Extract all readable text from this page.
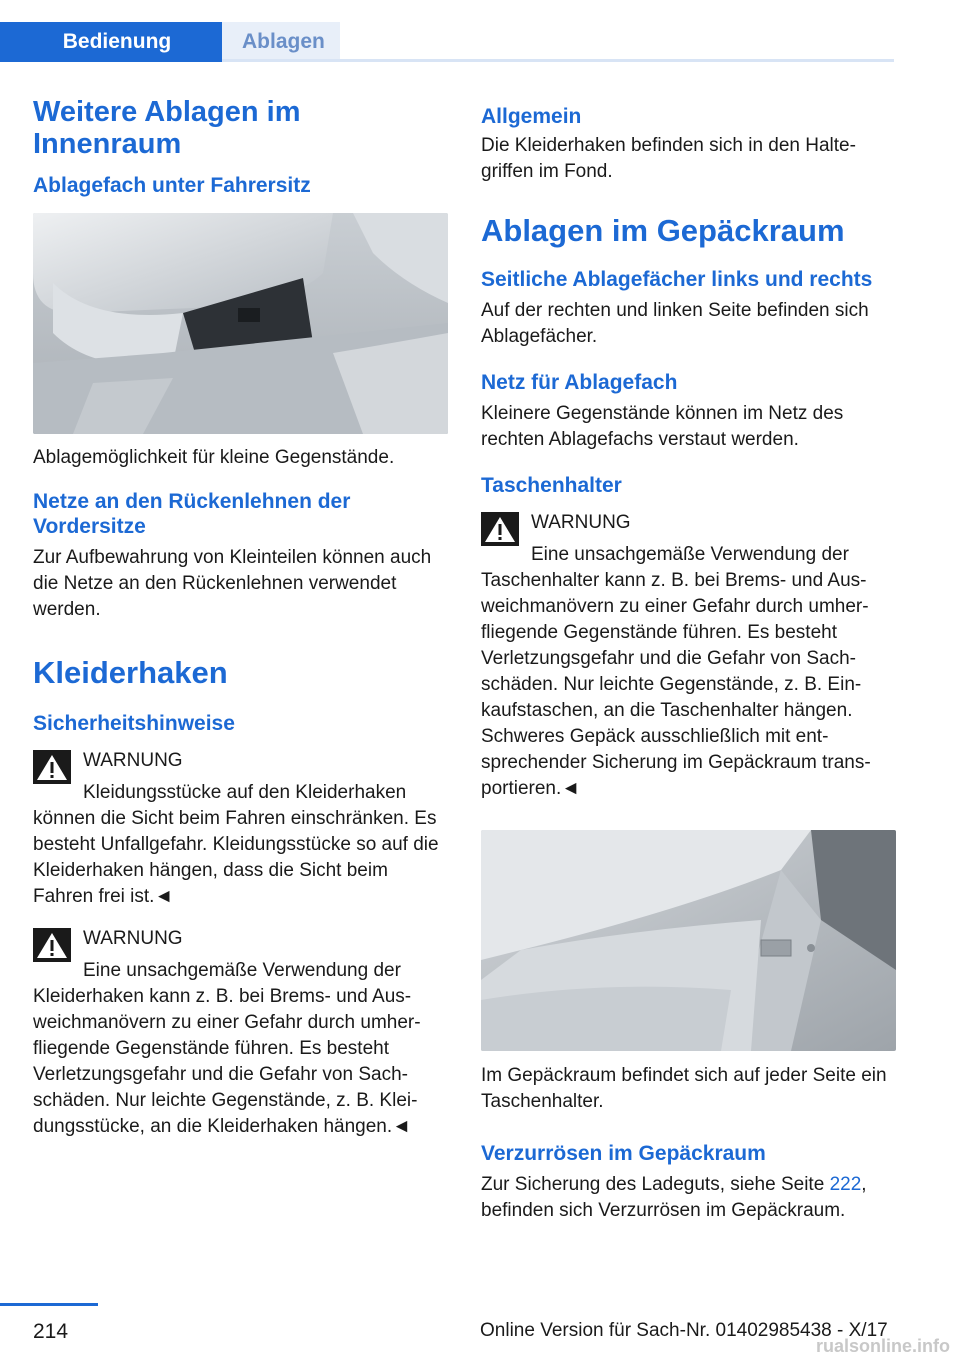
Bedienung	Ablagen
Weitere Ablagen im Innenraum
Ablagefach unter Fahrersitz
Ablagemöglichkeit für kleine Gegenstände.
Netze an den Rückenlehnen der Vordersitze
Zur Aufbewahrung von Kleinteilen können auch die Netze an den Rückenlehnen verwendet werden.
Kleiderhaken
Sicherheitshinweise
WARNUNG
Kleidungsstücke auf den Kleiderhaken können die Sicht beim Fahren einschränken. Es besteht Unfallgefahr. Kleidungsstücke so auf die Kleiderhaken hängen, dass die Sicht beim Fahren frei ist.◄
WARNUNG
Eine unsachgemäße Verwendung der Kleiderhaken kann z. B. bei Brems- und Ausweichmanövern zu einer Gefahr durch umherfliegende Gegenstände führen. Es besteht Verletzungsgefahr und die Gefahr von Sachschäden. Nur leichte Gegenstände, z. B. Kleidungsstücke, an die Kleiderhaken hängen.◄
Allgemein
Die Kleiderhaken befinden sich in den Haltegriffen im Fond.
Ablagen im Gepäckraum
Seitliche Ablagefächer links und rechts
Auf der rechten und linken Seite befinden sich Ablagefächer.
Netz für Ablagefach
Kleinere Gegenstände können im Netz des rechten Ablagefachs verstaut werden.
Taschenhalter
WARNUNG
Eine unsachgemäße Verwendung der Taschenhalter kann z. B. bei Brems- und Ausweichmanövern zu einer Gefahr durch umherfliegende Gegenstände führen. Es besteht Verletzungsgefahr und die Gefahr von Sachschäden. Nur leichte Gegenstände, z. B. Einkaufstaschen, an die Taschenhalter hängen. Schweres Gepäck ausschließlich mit entsprechender Sicherung im Gepäckraum transportieren.◄
Im Gepäckraum befindet sich auf jeder Seite ein Taschenhalter.
Verzurrösen im Gepäckraum
Zur Sicherung des Ladeguts, siehe Seite 222, befinden sich Verzurrösen im Gepäckraum.
214	Online Version für Sach-Nr. 01402985438 - X/17
rualsonline.info
